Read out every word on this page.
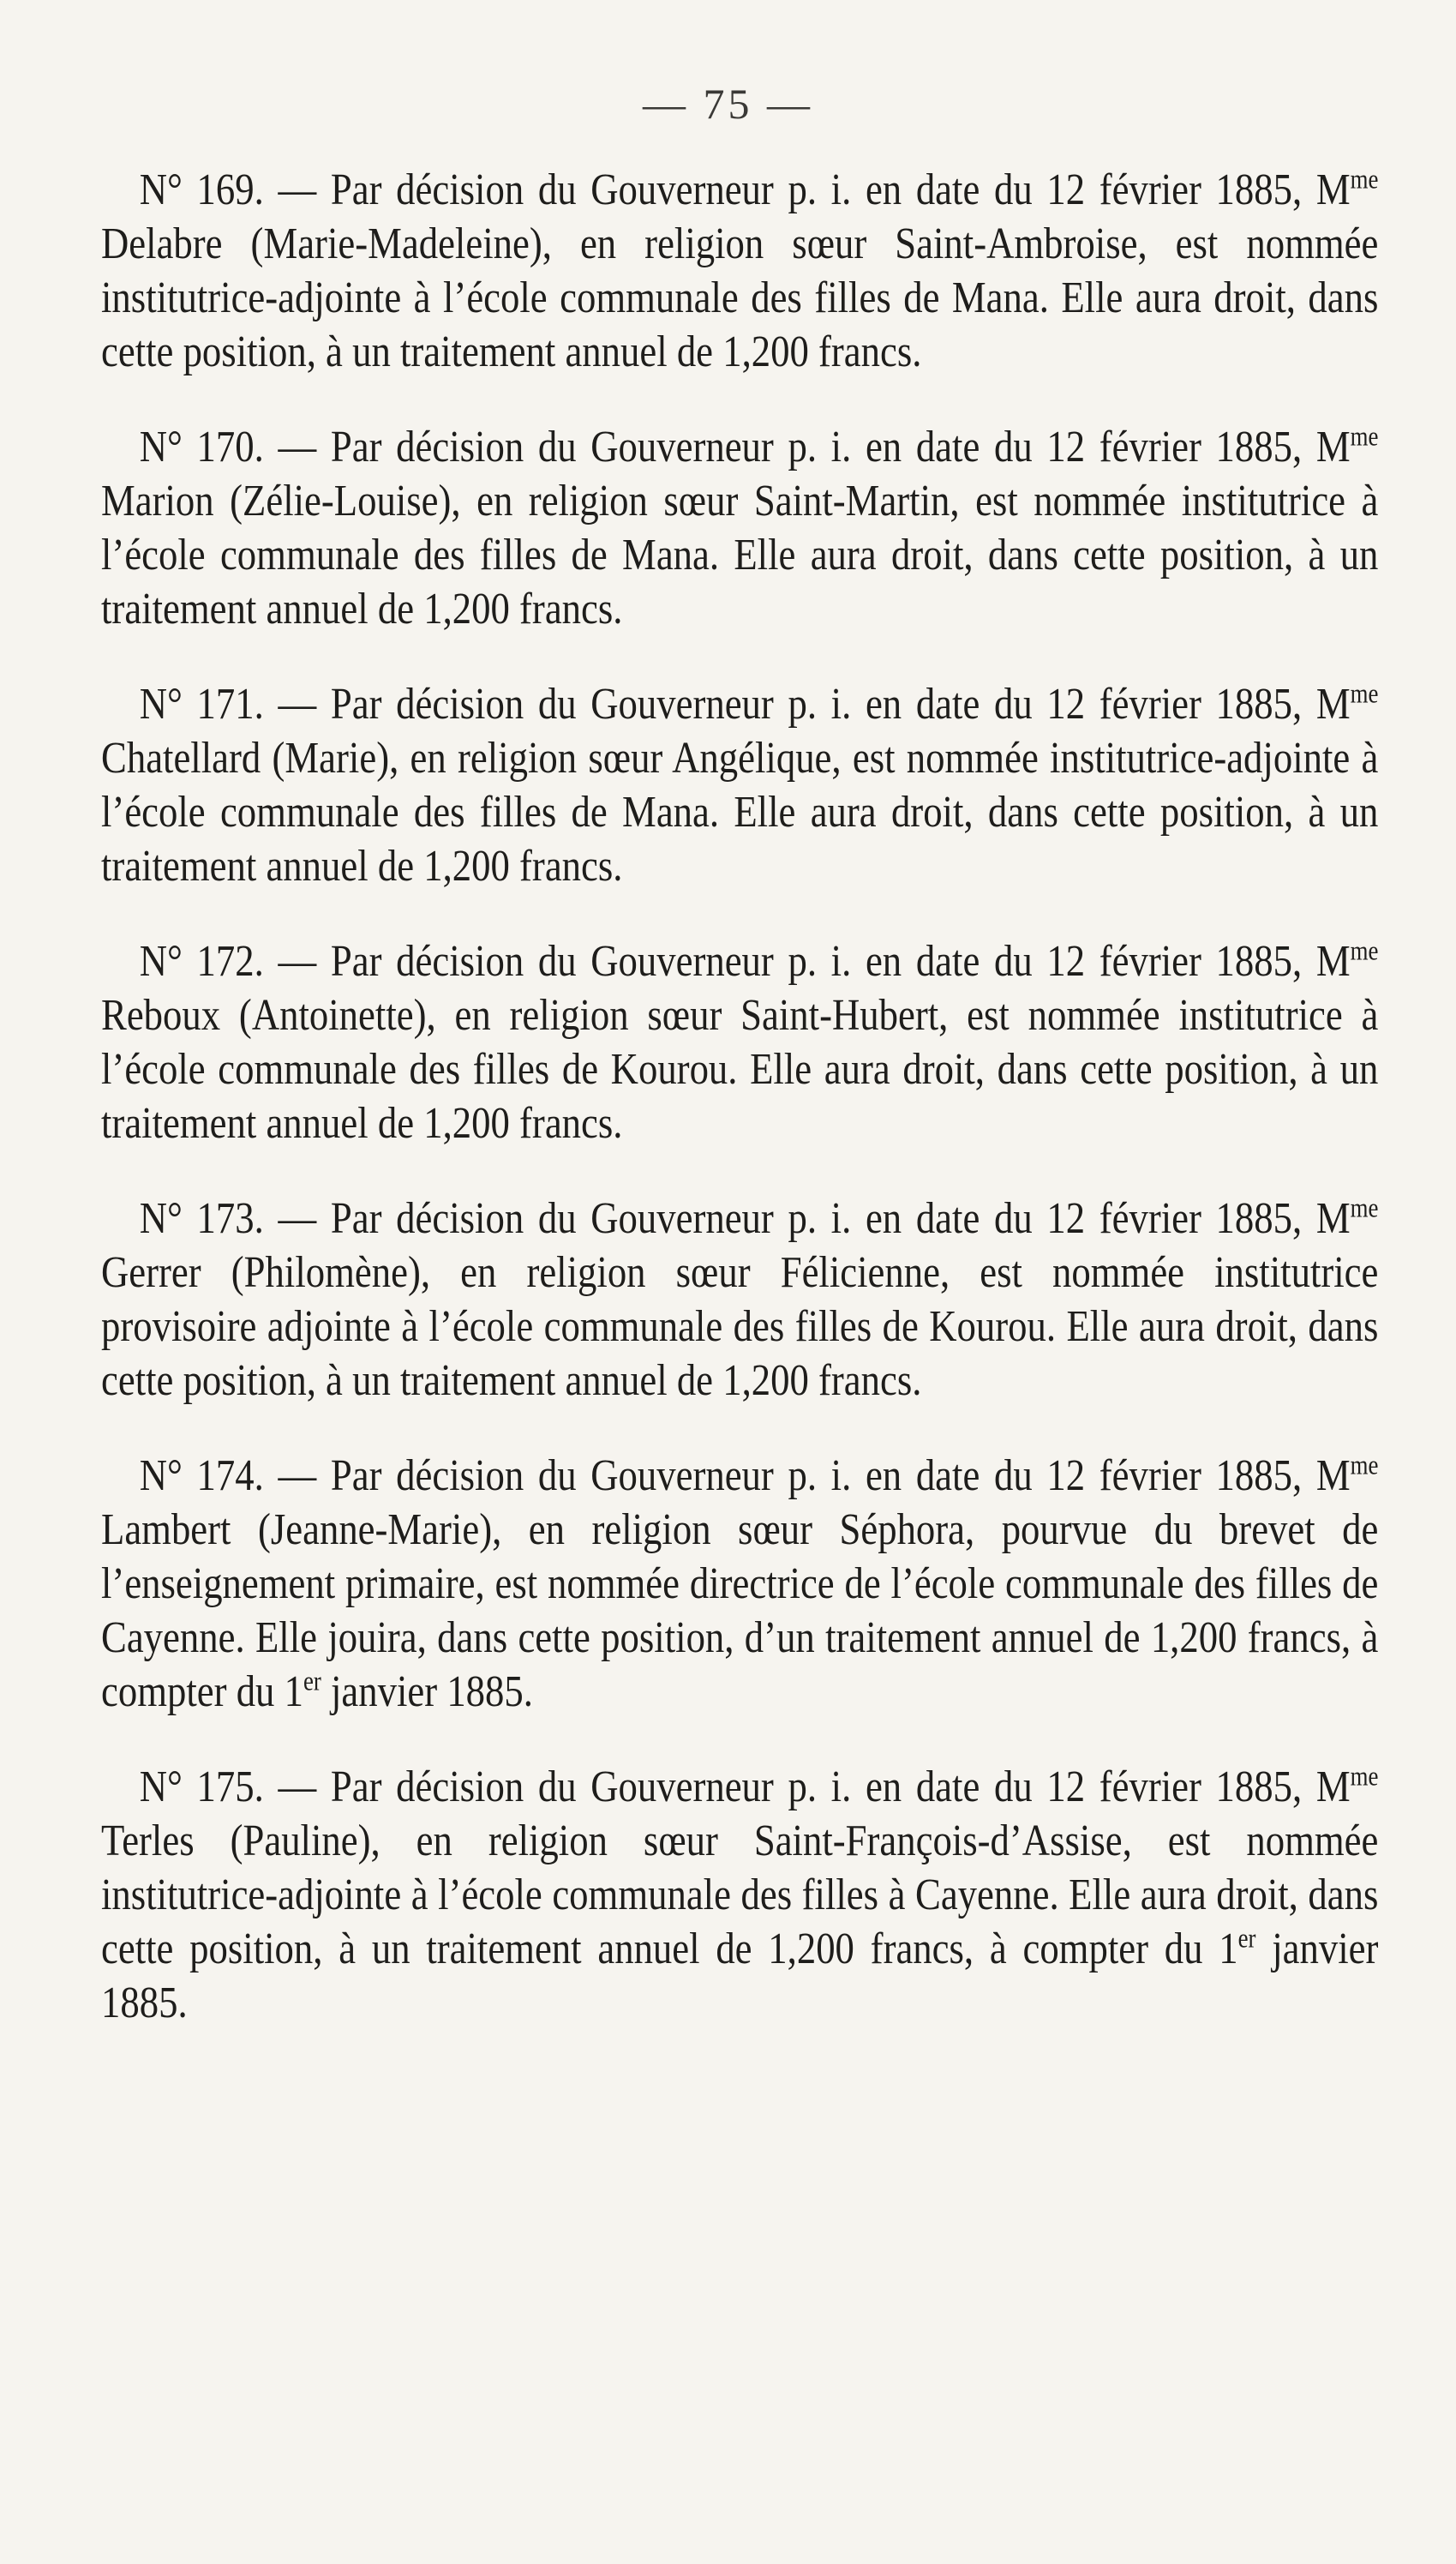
— 75 —

N° 169. — Par décision du Gouverneur p. i. en date du 12 février 1885, $M^{me}$ Delabre (Marie-Madeleine), en religion sœur Saint-Ambroise, est nommée institutrice-adjointe à l’école communale des filles de Mana. Elle aura droit, dans cette position, à un traitement annuel de 1,200 francs.

N° 170. — Par décision du Gouverneur p. i. en date du 12 février 1885, $M^{me}$ Marion (Zélie-Louise), en religion sœur Saint-Martin, est nommée institutrice à l’école communale des filles de Mana. Elle aura droit, dans cette position, à un traitement annuel de 1,200 francs.

N° 171. — Par décision du Gouverneur p. i. en date du 12 février 1885, $M^{me}$ Chatellard (Marie), en religion sœur Angélique, est nommée institutrice-adjointe à l’école communale des filles de Mana. Elle aura droit, dans cette position, à un traitement annuel de 1,200 francs.

N° 172. — Par décision du Gouverneur p. i. en date du 12 février 1885, $M^{me}$ Reboux (Antoinette), en religion sœur Saint-Hubert, est nommée institutrice à l’école communale des filles de Kourou. Elle aura droit, dans cette position, à un traitement annuel de 1,200 francs.

N° 173. — Par décision du Gouverneur p. i. en date du 12 février 1885, $M^{me}$ Gerrer (Philomène), en religion sœur Félicienne, est nommée institutrice provisoire adjointe à l’école communale des filles de Kourou. Elle aura droit, dans cette position, à un traitement annuel de 1,200 francs.

N° 174. — Par décision du Gouverneur p. i. en date du 12 février 1885, $M^{me}$ Lambert (Jeanne-Marie), en religion sœur Séphora, pourvue du brevet de l’enseignement primaire, est nommée directrice de l’école communale des filles de Cayenne. Elle jouira, dans cette position, d’un traitement annuel de 1,200 francs, à compter du 1er janvier 1885.

N° 175. — Par décision du Gouverneur p. i. en date du 12 février 1885, $M^{me}$ Terles (Pauline), en religion sœur Saint-François-d’Assise, est nommée institutrice-adjointe à l’école communale des filles à Cayenne. Elle aura droit, dans cette position, à un traitement annuel de 1,200 francs, à compter du 1er janvier 1885.
